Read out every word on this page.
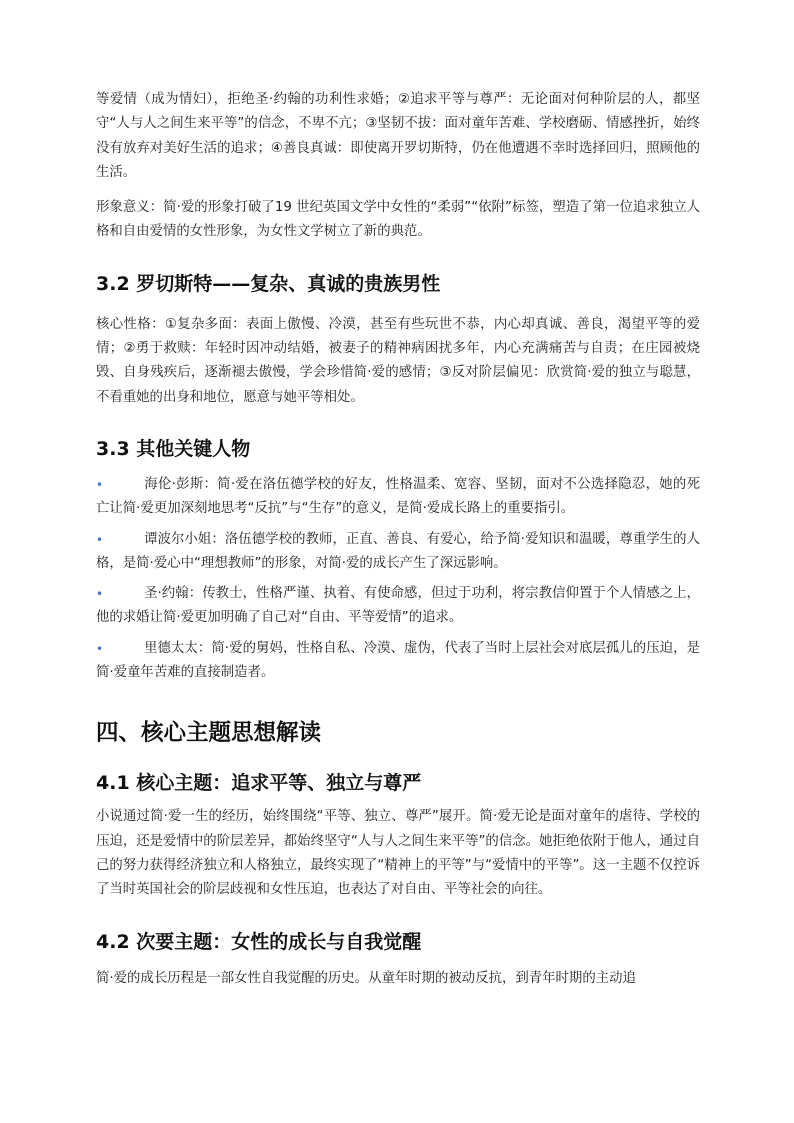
等爱情（成为情妇），拒绝圣·约翰的功利性求婚；②追求平等与尊严：无论面对何种阶层的人，都坚守“人与人之间生来平等”的信念，不卑不亢；③坚韧不拔：面对童年苦难、学校磨砺、情感挫折，始终没有放弃对美好生活的追求；④善良真诚：即使离开罗切斯特，仍在他遭遇不幸时选择回归，照顾他的生活。

形象意义：简·爱的形象打破了19 世纪英国文学中女性的“柔弱”“依附”标签，塑造了第一位追求独立人格和自由爱情的女性形象，为女性文学树立了新的典范。

3.2 罗切斯特——复杂、真诚的贵族男性

核心性格：①复杂多面：表面上傲慢、冷漠，甚至有些玩世不恭，内心却真诚、善良，渴望平等的爱情；②勇于救赎：年轻时因冲动结婚，被妻子的精神病困扰多年，内心充满痛苦与自责；在庄园被烧毁、自身残疾后，逐渐褪去傲慢，学会珍惜简·爱的感情；③反对阶层偏见：欣赏简·爱的独立与聪慧，不看重她的出身和地位，愿意与她平等相处。

3.3 其他关键人物

•	海伦·彭斯：简·爱在洛伍德学校的好友，性格温柔、宽容、坚韧，面对不公选择隐忍，她的死亡让简·爱更加深刻地思考“反抗”与“生存”的意义，是简·爱成长路上的重要指引。

•	谭波尔小姐：洛伍德学校的教师，正直、善良、有爱心，给予简·爱知识和温暖，尊重学生的人格，是简·爱心中“理想教师”的形象，对简·爱的成长产生了深远影响。

•	圣·约翰：传教士，性格严谨、执着、有使命感，但过于功利，将宗教信仰置于个人情感之上，他的求婚让简·爱更加明确了自己对“自由、平等爱情”的追求。

•	里德太太：简·爱的舅妈，性格自私、冷漠、虚伪，代表了当时上层社会对底层孤儿的压迫，是简·爱童年苦难的直接制造者。

四、核心主题思想解读
4.1 核心主题：追求平等、独立与尊严

小说通过简·爱一生的经历，始终围绕“平等、独立、尊严”展开。简·爱无论是面对童年的虐待、学校的压迫，还是爱情中的阶层差异，都始终坚守“人与人之间生来平等”的信念。她拒绝依附于他人，通过自己的努力获得经济独立和人格独立，最终实现了“精神上的平等”与“爱情中的平等”。这一主题不仅控诉了当时英国社会的阶层歧视和女性压迫，也表达了对自由、平等社会的向往。

4.2 次要主题：女性的成长与自我觉醒

简·爱的成长历程是一部女性自我觉醒的历史。从童年时期的被动反抗，到青年时期的主动追
